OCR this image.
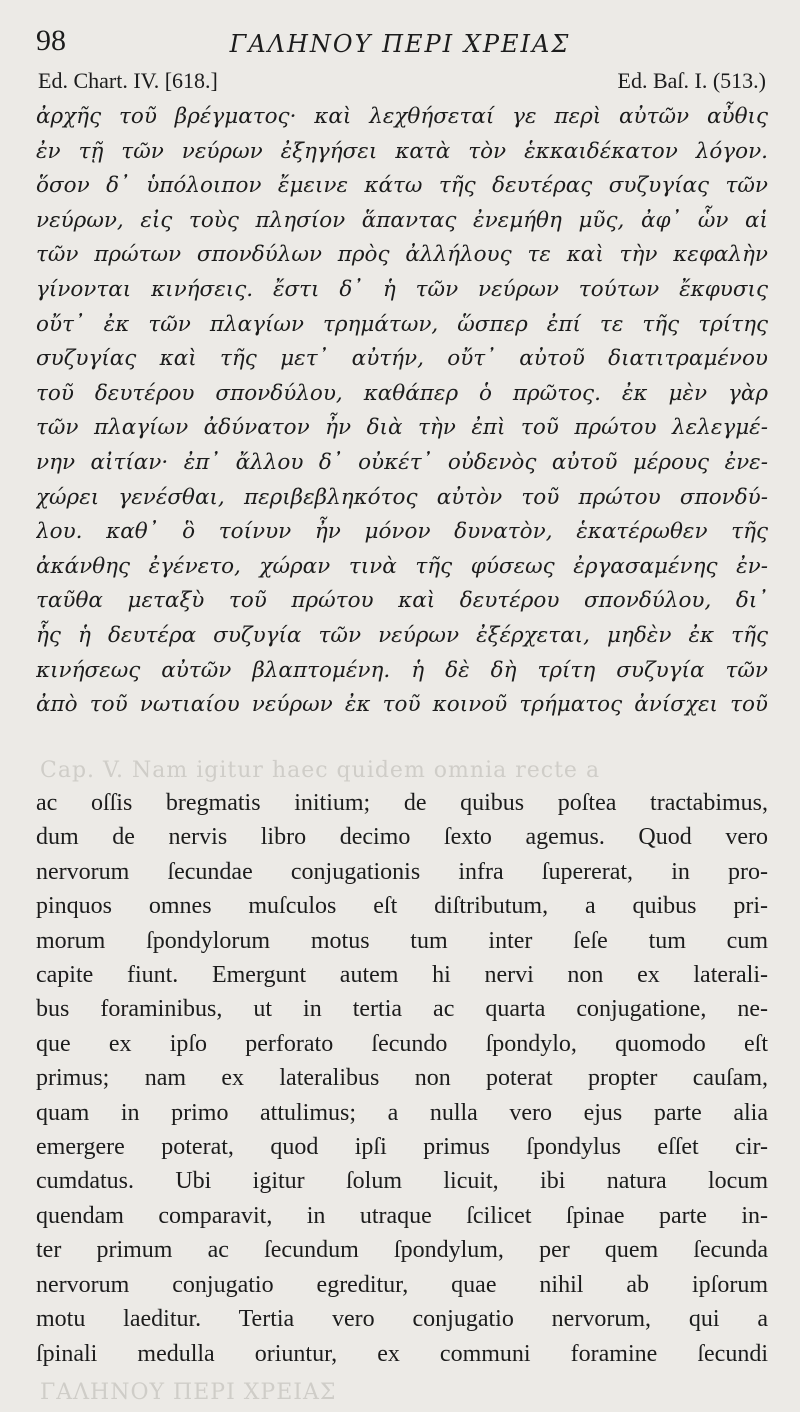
Cap. V. Nam igitur haec quidem omnia recte a
ΓΑΛΗΝΟΥ ΠΕΡΙ ΧΡΕΙΑΣ
98	ΓΑΛΗΝΟΥ ΠΕΡΙ ΧΡΕΙΑΣ
Ed. Chart. IV. [618.]	Ed. Baſ. I. (513.)
ἀρχῆς τοῦ βρέγματος· καὶ λεχθήσεταί γε περὶ αὐτῶν αὖθις
ἐν τῇ τῶν νεύρων ἐξηγήσει κατὰ τὸν ἑκκαιδέκατον λόγον.
ὅσον δ᾽ ὑπόλοιπον ἔμεινε κάτω τῆς δευτέρας συζυγίας τῶν
νεύρων, εἰς τοὺς πλησίον ἅπαντας ἐνεμήθη μῦς, ἀφ᾽ ὧν αἱ
τῶν πρώτων σπονδύλων πρὸς ἀλλήλους τε καὶ τὴν κεφαλὴν
γίνονται κινήσεις. ἔστι δ᾽ ἡ τῶν νεύρων τούτων ἔκφυσις
οὔτ᾽ ἐκ τῶν πλαγίων τρημάτων, ὥσπερ ἐπί τε τῆς τρίτης
συζυγίας καὶ τῆς μετ᾽ αὐτήν, οὔτ᾽ αὐτοῦ διατιτραμένου
τοῦ δευτέρου σπονδύλου, καθάπερ ὁ πρῶτος. ἐκ μὲν γὰρ
τῶν πλαγίων ἀδύνατον ἦν διὰ τὴν ἐπὶ τοῦ πρώτου λελεγμέ-
νην αἰτίαν· ἐπ᾽ ἄλλου δ᾽ οὐκέτ᾽ οὐδενὸς αὐτοῦ μέρους ἐνε-
χώρει γενέσθαι, περιβεβληκότος αὐτὸν τοῦ πρώτου σπονδύ-
λου. καθ᾽ ὃ τοίνυν ἦν μόνον δυνατὸν, ἑκατέρωθεν τῆς
ἀκάνθης ἐγένετο, χώραν τινὰ τῆς φύσεως ἐργασαμένης ἐν-
ταῦθα μεταξὺ τοῦ πρώτου καὶ δευτέρου σπονδύλου, δι᾽
ἧς ἡ δευτέρα συζυγία τῶν νεύρων ἐξέρχεται, μηδὲν ἐκ τῆς
κινήσεως αὐτῶν βλαπτομένη. ἡ δὲ δὴ τρίτη συζυγία τῶν
ἀπὸ τοῦ νωτιαίου νεύρων ἐκ τοῦ κοινοῦ τρήματος ἀνίσχει τοῦ
ac oſſis bregmatis initium; de quibus poſtea tractabimus,
dum de nervis libro decimo ſexto agemus. Quod vero
nervorum ſecundae conjugationis infra ſupererat, in pro-
pinquos omnes muſculos eſt diſtributum, a quibus pri-
morum ſpondylorum motus tum inter ſeſe tum cum
capite fiunt. Emergunt autem hi nervi non ex laterali-
bus foraminibus, ut in tertia ac quarta conjugatione, ne-
que ex ipſo perforato ſecundo ſpondylo, quomodo eſt
primus; nam ex lateralibus non poterat propter cauſam,
quam in primo attulimus; a nulla vero ejus parte alia
emergere poterat, quod ipſi primus ſpondylus eſſet cir-
cumdatus. Ubi igitur ſolum licuit, ibi natura locum
quendam comparavit, in utraque ſcilicet ſpinae parte in-
ter primum ac ſecundum ſpondylum, per quem ſecunda
nervorum conjugatio egreditur, quae nihil ab ipſorum
motu laeditur. Tertia vero conjugatio nervorum, qui a
ſpinali medulla oriuntur, ex communi foramine ſecundi
